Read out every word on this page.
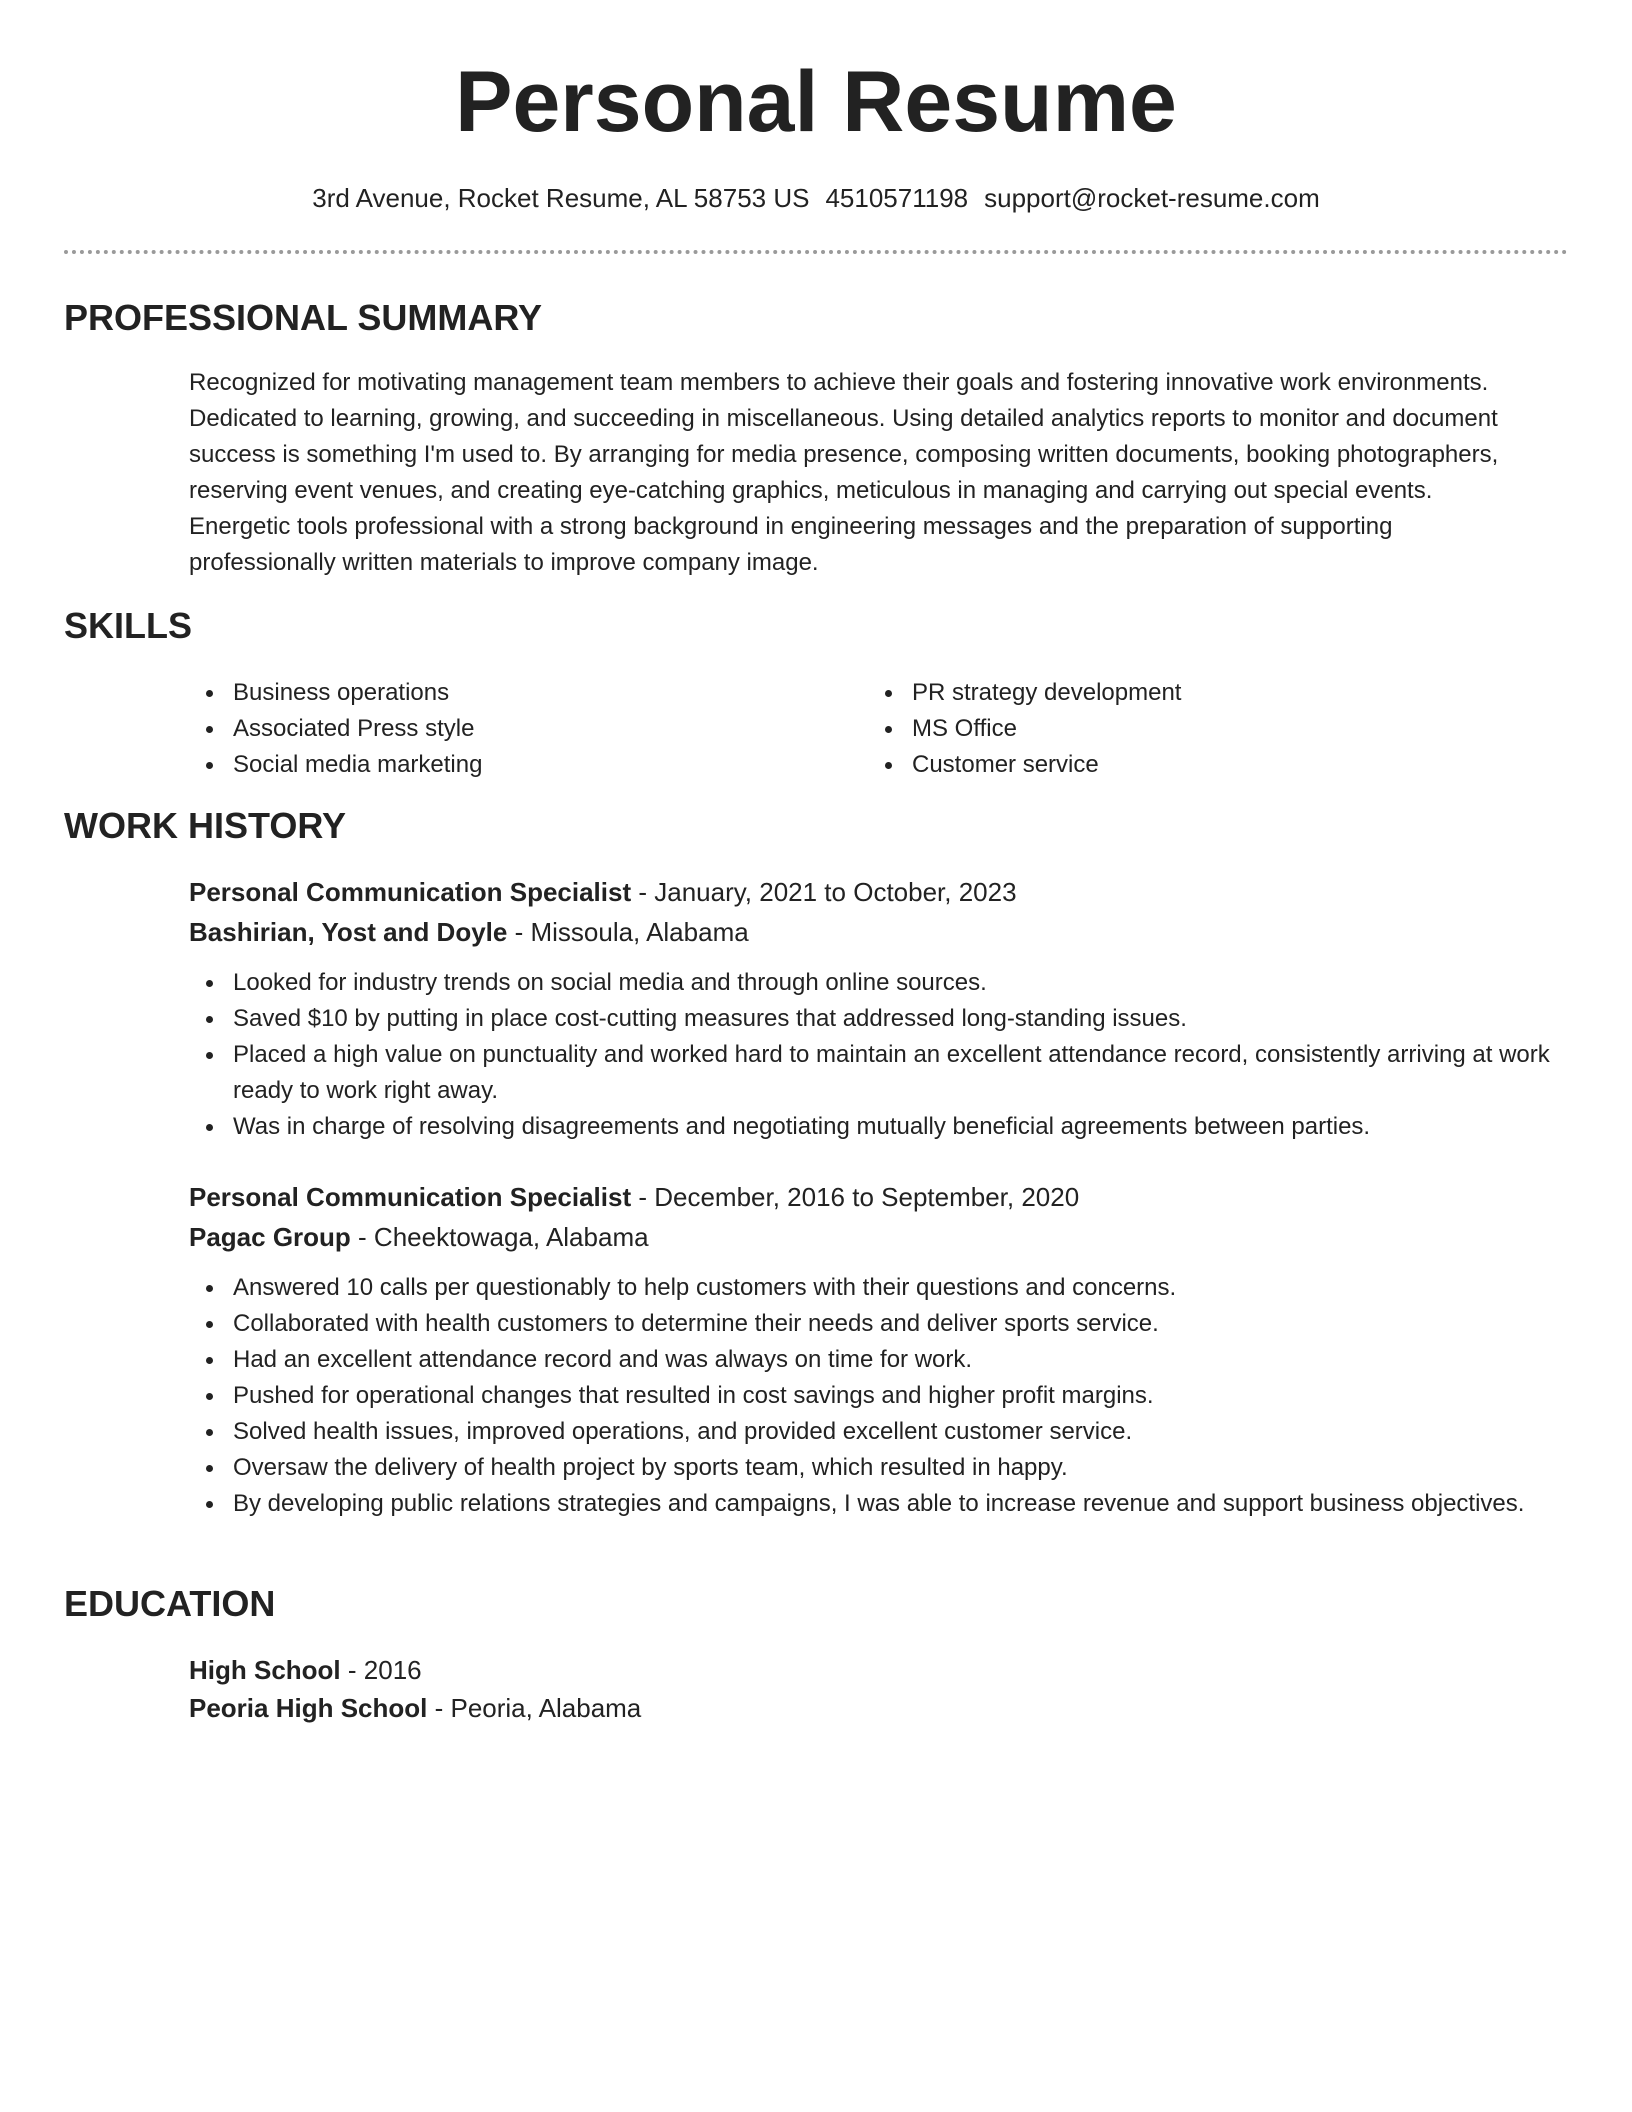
Personal Resume
3rd Avenue, Rocket Resume, AL 58753 US 4510571198 support@rocket-resume.com
PROFESSIONAL SUMMARY
Recognized for motivating management team members to achieve their goals and fostering innovative work environments.
Dedicated to learning, growing, and succeeding in miscellaneous. Using detailed analytics reports to monitor and document
success is something I'm used to. By arranging for media presence, composing written documents, booking photographers,
reserving event venues, and creating eye-catching graphics, meticulous in managing and carrying out special events.
Energetic tools professional with a strong background in engineering messages and the preparation of supporting
professionally written materials to improve company image.
SKILLS
Business operations
Associated Press style
Social media marketing
PR strategy development
MS Office
Customer service
WORK HISTORY
Personal Communication Specialist - January, 2021 to October, 2023
Bashirian, Yost and Doyle - Missoula, Alabama
Looked for industry trends on social media and through online sources.
Saved $10 by putting in place cost-cutting measures that addressed long-standing issues.
Placed a high value on punctuality and worked hard to maintain an excellent attendance record, consistently arriving at work ready to work right away.
Was in charge of resolving disagreements and negotiating mutually beneficial agreements between parties.
Personal Communication Specialist - December, 2016 to September, 2020
Pagac Group - Cheektowaga, Alabama
Answered 10 calls per questionably to help customers with their questions and concerns.
Collaborated with health customers to determine their needs and deliver sports service.
Had an excellent attendance record and was always on time for work.
Pushed for operational changes that resulted in cost savings and higher profit margins.
Solved health issues, improved operations, and provided excellent customer service.
Oversaw the delivery of health project by sports team, which resulted in happy.
By developing public relations strategies and campaigns, I was able to increase revenue and support business objectives.
EDUCATION
High School - 2016
Peoria High School - Peoria, Alabama
